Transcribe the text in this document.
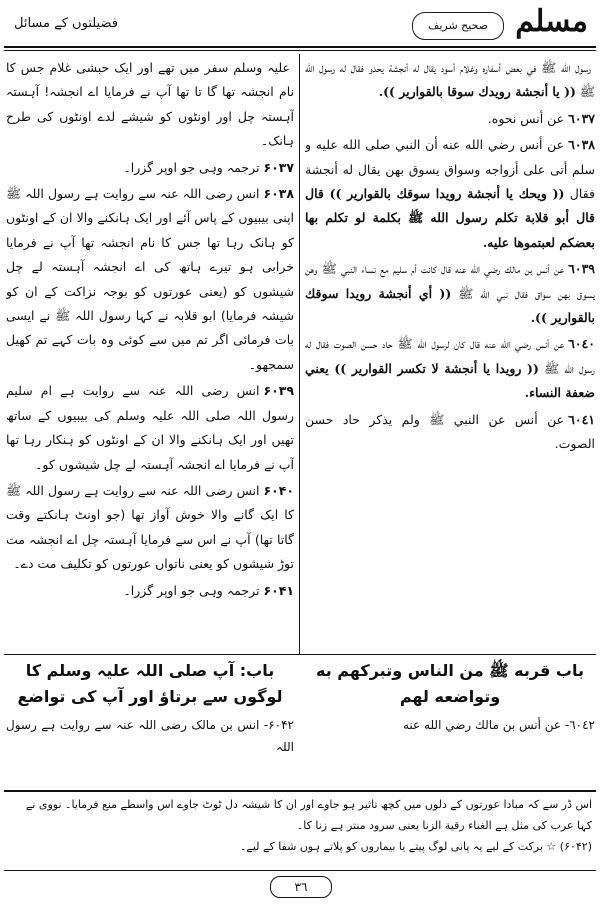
فضیلتوں کے مسائل	صحيح شريف مسلم
علیہ وسلم سفر میں تھے اور ایک حبشی غلام جس کا نام انجشہ تھا گا تا تھا آپ نے فرمایا اے انجشہ! آہستہ آہستہ چل اور اونٹوں کو شیشے لدے اونٹوں کی طرح ہانک۔
۶۰۳۷ترجمہ وہی جو اوپر گزرا۔
۶۰۳۸انس رضی اللہ عنہ سے روایت ہے رسول اللہ ﷺ اپنی بیبیوں کے پاس آئے اور ایک ہانکنے والا ان کے اونٹوں کو ہانک رہا تھا جس کا نام انجشہ تھا آپ نے فرمایا خرابی ہو تیرے ہاتھ کی اے انجشہ آہستہ لے چل شیشوں کو (یعنی عورتوں کو بوجہ نزاکت کے ان کو شیشہ فرمایا) ابو قلابہ نے کہا رسول اللہ ﷺ نے ایسی بات فرمائی اگر تم میں سے کوئی وہ بات کہے تم کھیل سمجھو۔
۶۰۳۹انس رضی اللہ عنہ سے روایت ہے ام سلیم رسول اللہ صلی اللہ علیہ وسلم کی بیبیوں کے ساتھ تھیں اور ایک ہانکنے والا ان کے اونٹوں کو ہنکار رہا تھا آپ نے فرمایا اے انجشہ آہستہ لے چل شیشوں کو۔
۶۰۴۰انس رضی اللہ عنہ سے روایت ہے رسول اللہ ﷺ کا ایک گانے والا خوش آواز تھا (جو اونٹ ہانکتے وقت گاتا تھا) آپ نے اس سے فرمایا آہستہ چل اے انجشہ مت توڑ شیشوں کو یعنی ناتواں عورتوں کو تکلیف مت دے۔
۶۰۴۱ترجمہ وہی جو اوپر گزرا۔
رسول الله ﷺ في بعض أسفاره وغلام أسود يقال له أنجشة يحدو فقال له رسول الله ﷺ (( يا أنجشة رويدك سوقا بالقوارير )).
٦٠٣٧عن أنس نحوه.
٦٠٣٨عن أنس رضي الله عنه أن النبي صلى الله عليه و سلم أتى على أزواجه وسواق يسوق بهن يقال له أنجشة فقال (( ويحك يا أنجشة رويدا سوقك بالقوارير )) قال قال أبو قلابة تكلم رسول الله ﷺ بكلمة لو تكلم بها بعضكم لعبتموها عليه.
٦٠٣٩عن أنس بن مالك رضي الله عنه قال كانت أم سليم مع نساء النبي ﷺ وهن يسوق بهن سواق فقال نبي الله ﷺ (( أي أنجشة رويدا سوقك بالقوارير )).
٦٠٤٠عن أنس رضي الله عنه قال كان لرسول الله ﷺ حاد حسن الصوت فقال له رسول الله ﷺ (( رويدا يا أنجشة لا تكسر القوارير )) يعني ضعفة النساء.
٦٠٤١عن أنس عن النبي ﷺ ولم يذكر حاد حسن الصوت.
باب: آپ صلی اللہ علیہ وسلم کا لوگوں سے برتاؤ اور آپ کی تواضع
۶۰۴۲- انس بن مالک رضی اللہ عنہ سے روایت ہے رسول اللہ
باب قربه ﷺ من الناس وتبركهم به وتواضعه لهم
٦٠٤٢- عن أنس بن مالك رضي الله عنه
اس ڈر سے کہ مبادا عورتوں کے دلوں میں کچھ تاثیر ہو جاوے اور ان کا شیشہ دل ٹوٹ جاوے اس واسطے منع فرمایا۔ نووی نے کہا عرب کی مثل ہے الغناء رقیة الزنا یعنی سرود منتر ہے زنا کا۔
(۶۰۴۲) ☆ برکت کے لیے یہ پانی لوگ پیتے یا بیماروں کو پلاتے ہوں شفا کے لیے۔
٣٦
